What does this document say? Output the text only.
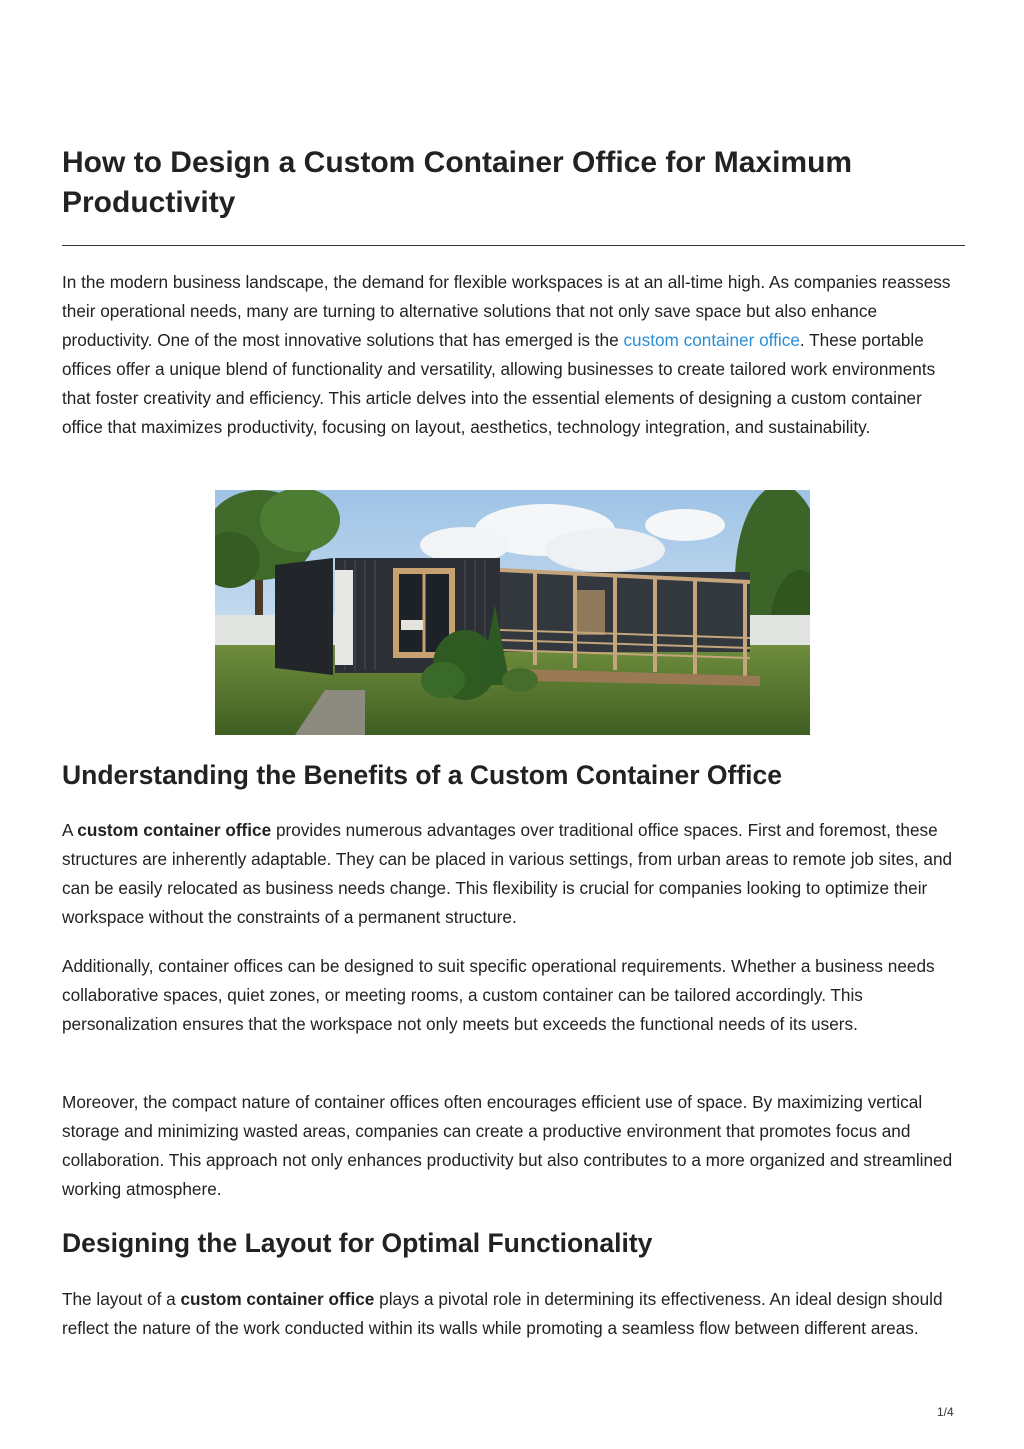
How to Design a Custom Container Office for Maximum Productivity

In the modern business landscape, the demand for flexible workspaces is at an all-time high. As companies reassess their operational needs, many are turning to alternative solutions that not only save space but also enhance productivity. One of the most innovative solutions that has emerged is the custom container office. These portable offices offer a unique blend of functionality and versatility, allowing businesses to create tailored work environments that foster creativity and efficiency. This article delves into the essential elements of designing a custom container office that maximizes productivity, focusing on layout, aesthetics, technology integration, and sustainability.

Understanding the Benefits of a Custom Container Office

A custom container office provides numerous advantages over traditional office spaces. First and foremost, these structures are inherently adaptable. They can be placed in various settings, from urban areas to remote job sites, and can be easily relocated as business needs change. This flexibility is crucial for companies looking to optimize their workspace without the constraints of a permanent structure.

Additionally, container offices can be designed to suit specific operational requirements. Whether a business needs collaborative spaces, quiet zones, or meeting rooms, a custom container can be tailored accordingly. This personalization ensures that the workspace not only meets but exceeds the functional needs of its users.

Moreover, the compact nature of container offices often encourages efficient use of space. By maximizing vertical storage and minimizing wasted areas, companies can create a productive environment that promotes focus and collaboration. This approach not only enhances productivity but also contributes to a more organized and streamlined working atmosphere.

Designing the Layout for Optimal Functionality

The layout of a custom container office plays a pivotal role in determining its effectiveness. An ideal design should reflect the nature of the work conducted within its walls while promoting a seamless flow between different areas.

1/4
